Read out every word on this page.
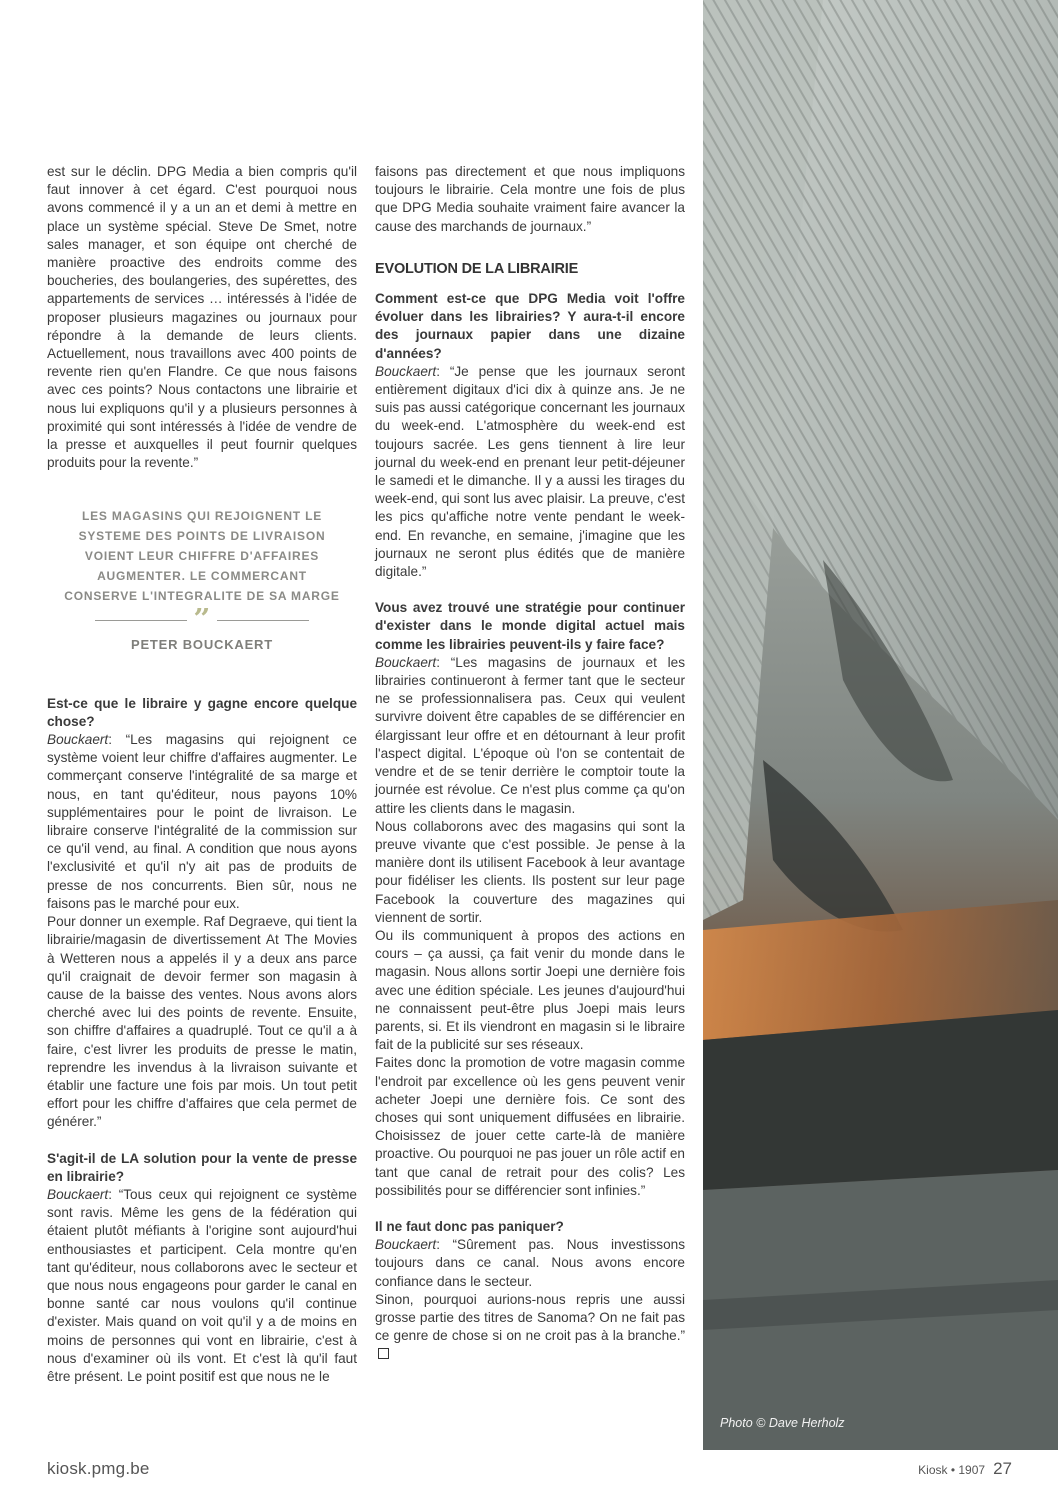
est sur le déclin. DPG Media a bien compris qu'il faut innover à cet égard. C'est pourquoi nous avons commencé il y a un an et demi à mettre en place un système spécial. Steve De Smet, notre sales manager, et son équipe ont cherché de manière proactive des endroits comme des boucheries, des boulangeries, des supérettes, des appartements de services … intéressés à l'idée de proposer plusieurs magazines ou journaux pour répondre à la demande de leurs clients. Actuellement, nous travaillons avec 400 points de revente rien qu'en Flandre. Ce que nous faisons avec ces points? Nous contactons une librairie et nous lui expliquons qu'il y a plusieurs personnes à proximité qui sont intéressés à l'idée de vendre de la presse et auxquelles il peut fournir quelques produits pour la revente.”

LES MAGASINS QUI REJOIGNENT LE SYSTEME DES POINTS DE LIVRAISON VOIENT LEUR CHIFFRE D'AFFAIRES AUGMENTER. LE COMMERCANT CONSERVE L'INTEGRALITE DE SA MARGE
”
PETER BOUCKAERT

Est-ce que le libraire y gagne encore quelque chose?

Bouckaert: “Les magasins qui rejoignent ce système voient leur chiffre d'affaires augmenter. Le commerçant conserve l'intégralité de sa marge et nous, en tant qu'éditeur, nous payons 10% supplémentaires pour le point de livraison. Le libraire conserve l'intégralité de la commission sur ce qu'il vend, au final. A condition que nous ayons l'exclusivité et qu'il n'y ait pas de produits de presse de nos concurrents. Bien sûr, nous ne faisons pas le marché pour eux.

Pour donner un exemple. Raf Degraeve, qui tient la librairie/magasin de divertissement At The Movies à Wetteren nous a appelés il y a deux ans parce qu'il craignait de devoir fermer son magasin à cause de la baisse des ventes. Nous avons alors cherché avec lui des points de revente. Ensuite, son chiffre d'affaires a quadruplé. Tout ce qu'il a à faire, c'est livrer les produits de presse le matin, reprendre les invendus à la livraison suivante et établir une facture une fois par mois. Un tout petit effort pour les chiffre d'affaires que cela permet de générer.”

S'agit-il de LA solution pour la vente de presse en librairie?

Bouckaert: “Tous ceux qui rejoignent ce système sont ravis. Même les gens de la fédération qui étaient plutôt méfiants à l'origine sont aujourd'hui enthousiastes et participent. Cela montre qu'en tant qu'éditeur, nous collaborons avec le secteur et que nous nous engageons pour garder le canal en bonne santé car nous voulons qu'il continue d'exister. Mais quand on voit qu'il y a de moins en moins de personnes qui vont en librairie, c'est à nous d'examiner où ils vont. Et c'est là qu'il faut être présent. Le point positif est que nous ne le

faisons pas directement et que nous impliquons toujours le librairie. Cela montre une fois de plus que DPG Media souhaite vraiment faire avancer la cause des marchands de journaux.”

EVOLUTION DE LA LIBRAIRIE

Comment est-ce que DPG Media voit l'offre évoluer dans les librairies? Y aura-t-il encore des journaux papier dans une dizaine d'années?

Bouckaert: “Je pense que les journaux seront entièrement digitaux d'ici dix à quinze ans. Je ne suis pas aussi catégorique concernant les journaux du week-end. L'atmosphère du week-end est toujours sacrée. Les gens tiennent à lire leur journal du week-end en prenant leur petit-déjeuner le samedi et le dimanche. Il y a aussi les tirages du week-end, qui sont lus avec plaisir. La preuve, c'est les pics qu'affiche notre vente pendant le week-end. En revanche, en semaine, j'imagine que les journaux ne seront plus édités que de manière digitale.”

Vous avez trouvé une stratégie pour continuer d'exister dans le monde digital actuel mais comme les librairies peuvent-ils y faire face?

Bouckaert: “Les magasins de journaux et les librairies continueront à fermer tant que le secteur ne se professionnalisera pas. Ceux qui veulent survivre doivent être capables de se différencier en élargissant leur offre et en détournant à leur profit l'aspect digital. L'époque où l'on se contentait de vendre et de se tenir derrière le comptoir toute la journée est révolue. Ce n'est plus comme ça qu'on attire les clients dans le magasin.

Nous collaborons avec des magasins qui sont la preuve vivante que c'est possible. Je pense à la manière dont ils utilisent Facebook à leur avantage pour fidéliser les clients. Ils postent sur leur page Facebook la couverture des magazines qui viennent de sortir.

Ou ils communiquent à propos des actions en cours – ça aussi, ça fait venir du monde dans le magasin. Nous allons sortir Joepi une dernière fois avec une édition spéciale. Les jeunes d'aujourd'hui ne connaissent peut-être plus Joepi mais leurs parents, si. Et ils viendront en magasin si le libraire fait de la publicité sur ses réseaux.

Faites donc la promotion de votre magasin comme l'endroit par excellence où les gens peuvent venir acheter Joepi une dernière fois. Ce sont des choses qui sont uniquement diffusées en librairie. Choisissez de jouer cette carte-là de manière proactive. Ou pourquoi ne pas jouer un rôle actif en tant que canal de retrait pour des colis? Les possibilités pour se différencier sont infinies.”

Il ne faut donc pas paniquer?

Bouckaert: “Sûrement pas. Nous investissons toujours dans ce canal. Nous avons encore confiance dans le secteur.

Sinon, pourquoi aurions-nous repris une aussi grosse partie des titres de Sanoma? On ne fait pas ce genre de chose si on ne croit pas à la branche.”

Photo © Dave Herholz
kiosk.pmg.be	Kiosk • 1907 27
